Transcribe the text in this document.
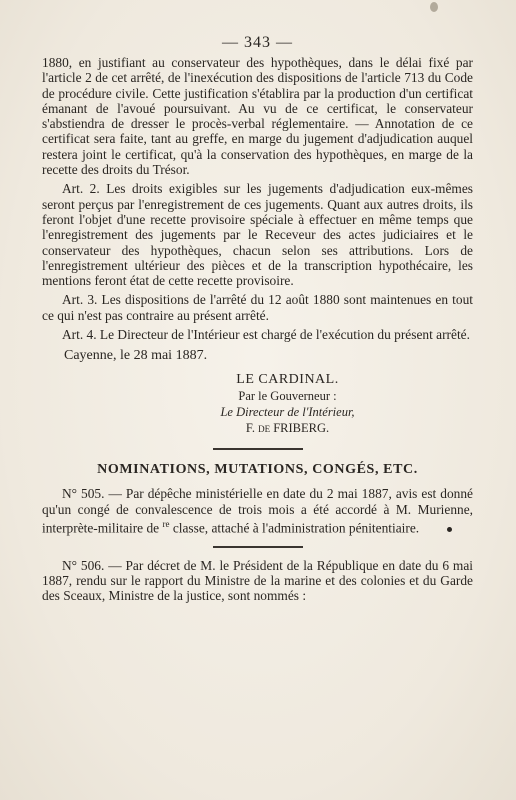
— 343 —

1880, en justifiant au conservateur des hypothèques, dans le délai fixé par l'article 2 de cet arrêté, de l'inexécution des dispositions de l'article 713 du Code de procédure civile. Cette justification s'établira par la production d'un certificat émanant de l'avoué poursuivant. Au vu de ce certificat, le conservateur s'abstiendra de dresser le procès-verbal réglementaire. — Annotation de ce certificat sera faite, tant au greffe, en marge du jugement d'adjudication auquel restera joint le certificat, qu'à la conservation des hypothèques, en marge de la recette des droits du Trésor.

Art. 2. Les droits exigibles sur les jugements d'adjudication eux-mêmes seront perçus par l'enregistrement de ces jugements. Quant aux autres droits, ils feront l'objet d'une recette provisoire spéciale à effectuer en même temps que l'enregistrement des jugements par le Receveur des actes judiciaires et le conservateur des hypothèques, chacun selon ses attributions. Lors de l'enregistrement ultérieur des pièces et de la transcription hypothécaire, les mentions feront état de cette recette provisoire.

Art. 3. Les dispositions de l'arrêté du 12 août 1880 sont maintenues en tout ce qui n'est pas contraire au présent arrêté.

Art. 4. Le Directeur de l'Intérieur est chargé de l'exécution du présent arrêté.

Cayenne, le 28 mai 1887.
LE CARDINAL.
Par le Gouverneur :
Le Directeur de l'Intérieur,
F. de FRIBERG.
NOMINATIONS, MUTATIONS, CONGÉS, ETC.

N° 505. — Par dépêche ministérielle en date du 2 mai 1887, avis est donné qu'un congé de convalescence de trois mois a été accordé à M. Murienne, interprète-militaire de $^{re}$ classe, attaché à l'administration pénitentiaire.

N° 506. — Par décret de M. le Président de la République en date du 6 mai 1887, rendu sur le rapport du Ministre de la marine et des colonies et du Garde des Sceaux, Ministre de la justice, sont nommés :
